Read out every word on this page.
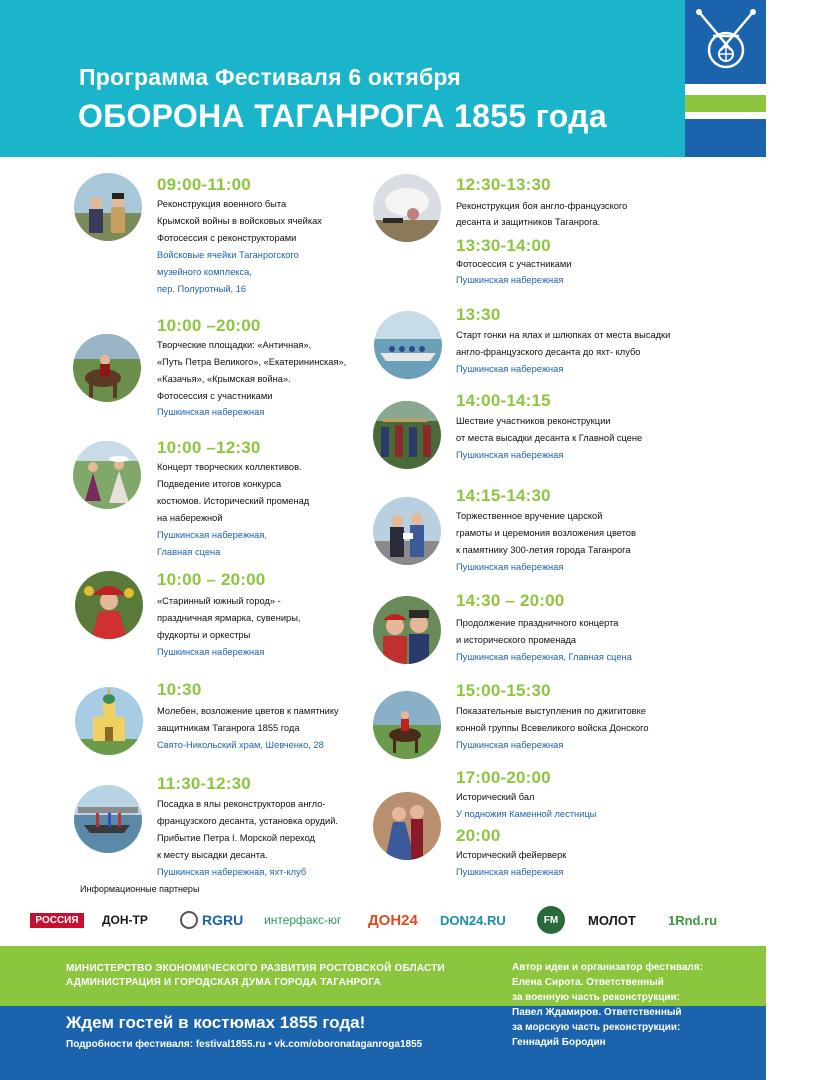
Программа Фестиваля 6 октября
ОБОРОНА ТАГАНРОГА 1855 года
09:00-11:00
Реконструкция военного быта
Крымской войны в войсковых ячейках
Фотосессия с реконструкторами
Войсковые ячейки Таганрогского
музейного комплекса,
пер. Полуротный, 16
10:00 –20:00
Творческие площадки: «Античная»,
«Путь Петра Великого», «Екатерининская»,
«Казачья», «Крымская война».
Фотосессия с участниками
Пушкинская набережная
10:00 –12:30
Концерт творческих коллективов.
Подведение итогов конкурса
костюмов. Исторический променад
на набережной
Пушкинская набережная,
Главная сцена
10:00 – 20:00
«Старинный южный город» -
праздничная ярмарка, сувениры,
фудкорты и оркестры
Пушкинская набережная
10:30
Молебен, возложение цветов к памятнику
защитникам Таганрога 1855 года
Свято-Никольский храм, Шевченко, 28
11:30-12:30
Посадка в ялы реконструкторов англо-
французского десанта, установка орудий.
Прибытие Петра I. Морской переход
к месту высадки десанта.
Пушкинская набережная, яхт-клуб
12:30-13:30
Реконструкция боя англо-французского
десанта и защитников Таганрога.
13:30-14:00
Фотосессия с участниками
Пушкинская набережная
13:30
Старт гонки на ялах и шлюпках от места высадки
англо-французского десанта до яхт- клубо
Пушкинская набережная
14:00-14:15
Шествие участников реконструкции
от места высадки десанта к Главной сцене
Пушкинская набережная
14:15-14:30
Торжественное вручение царской
грамоты и церемония возложения цветов
к памятнику 300-летия города Таганрога
Пушкинская набережная
14:30 – 20:00
Продолжение праздничного концерта
и исторического променада
Пушкинская набережная, Главная сцена
15:00-15:30
Показательные выступления по джигитовке
конной группы Всевеликого войска Донского
Пушкинская набережная
17:00-20:00
Исторический бал
У подножия Каменной лестницы
20:00
Исторический фейерверк
Пушкинская набережная
Информационные партнеры
РОССИЯ	ДОН-ТР	RGRU интерфакс-юг	ДОН24	DON24.RU	FM	МОЛОТ	1Rnd.ru
МИНИСТЕРСТВО ЭКОНОМИЧЕСКОГО РАЗВИТИЯ РОСТОВСКОЙ ОБЛАСТИ
АДМИНИСТРАЦИЯ И ГОРОДСКАЯ ДУМА ГОРОДА ТАГАНРОГА
Ждем гостей в костюмах 1855 года!
Подробности фестиваля: festival1855.ru • vk.com/oboronataganroga1855
Автор идеи и организатор фестиваля:
Елена Сирота. Ответственный
за военную часть реконструкции:
Павел Ждамиров. Ответственный
за морскую часть реконструкции:
Геннадий Бородин
